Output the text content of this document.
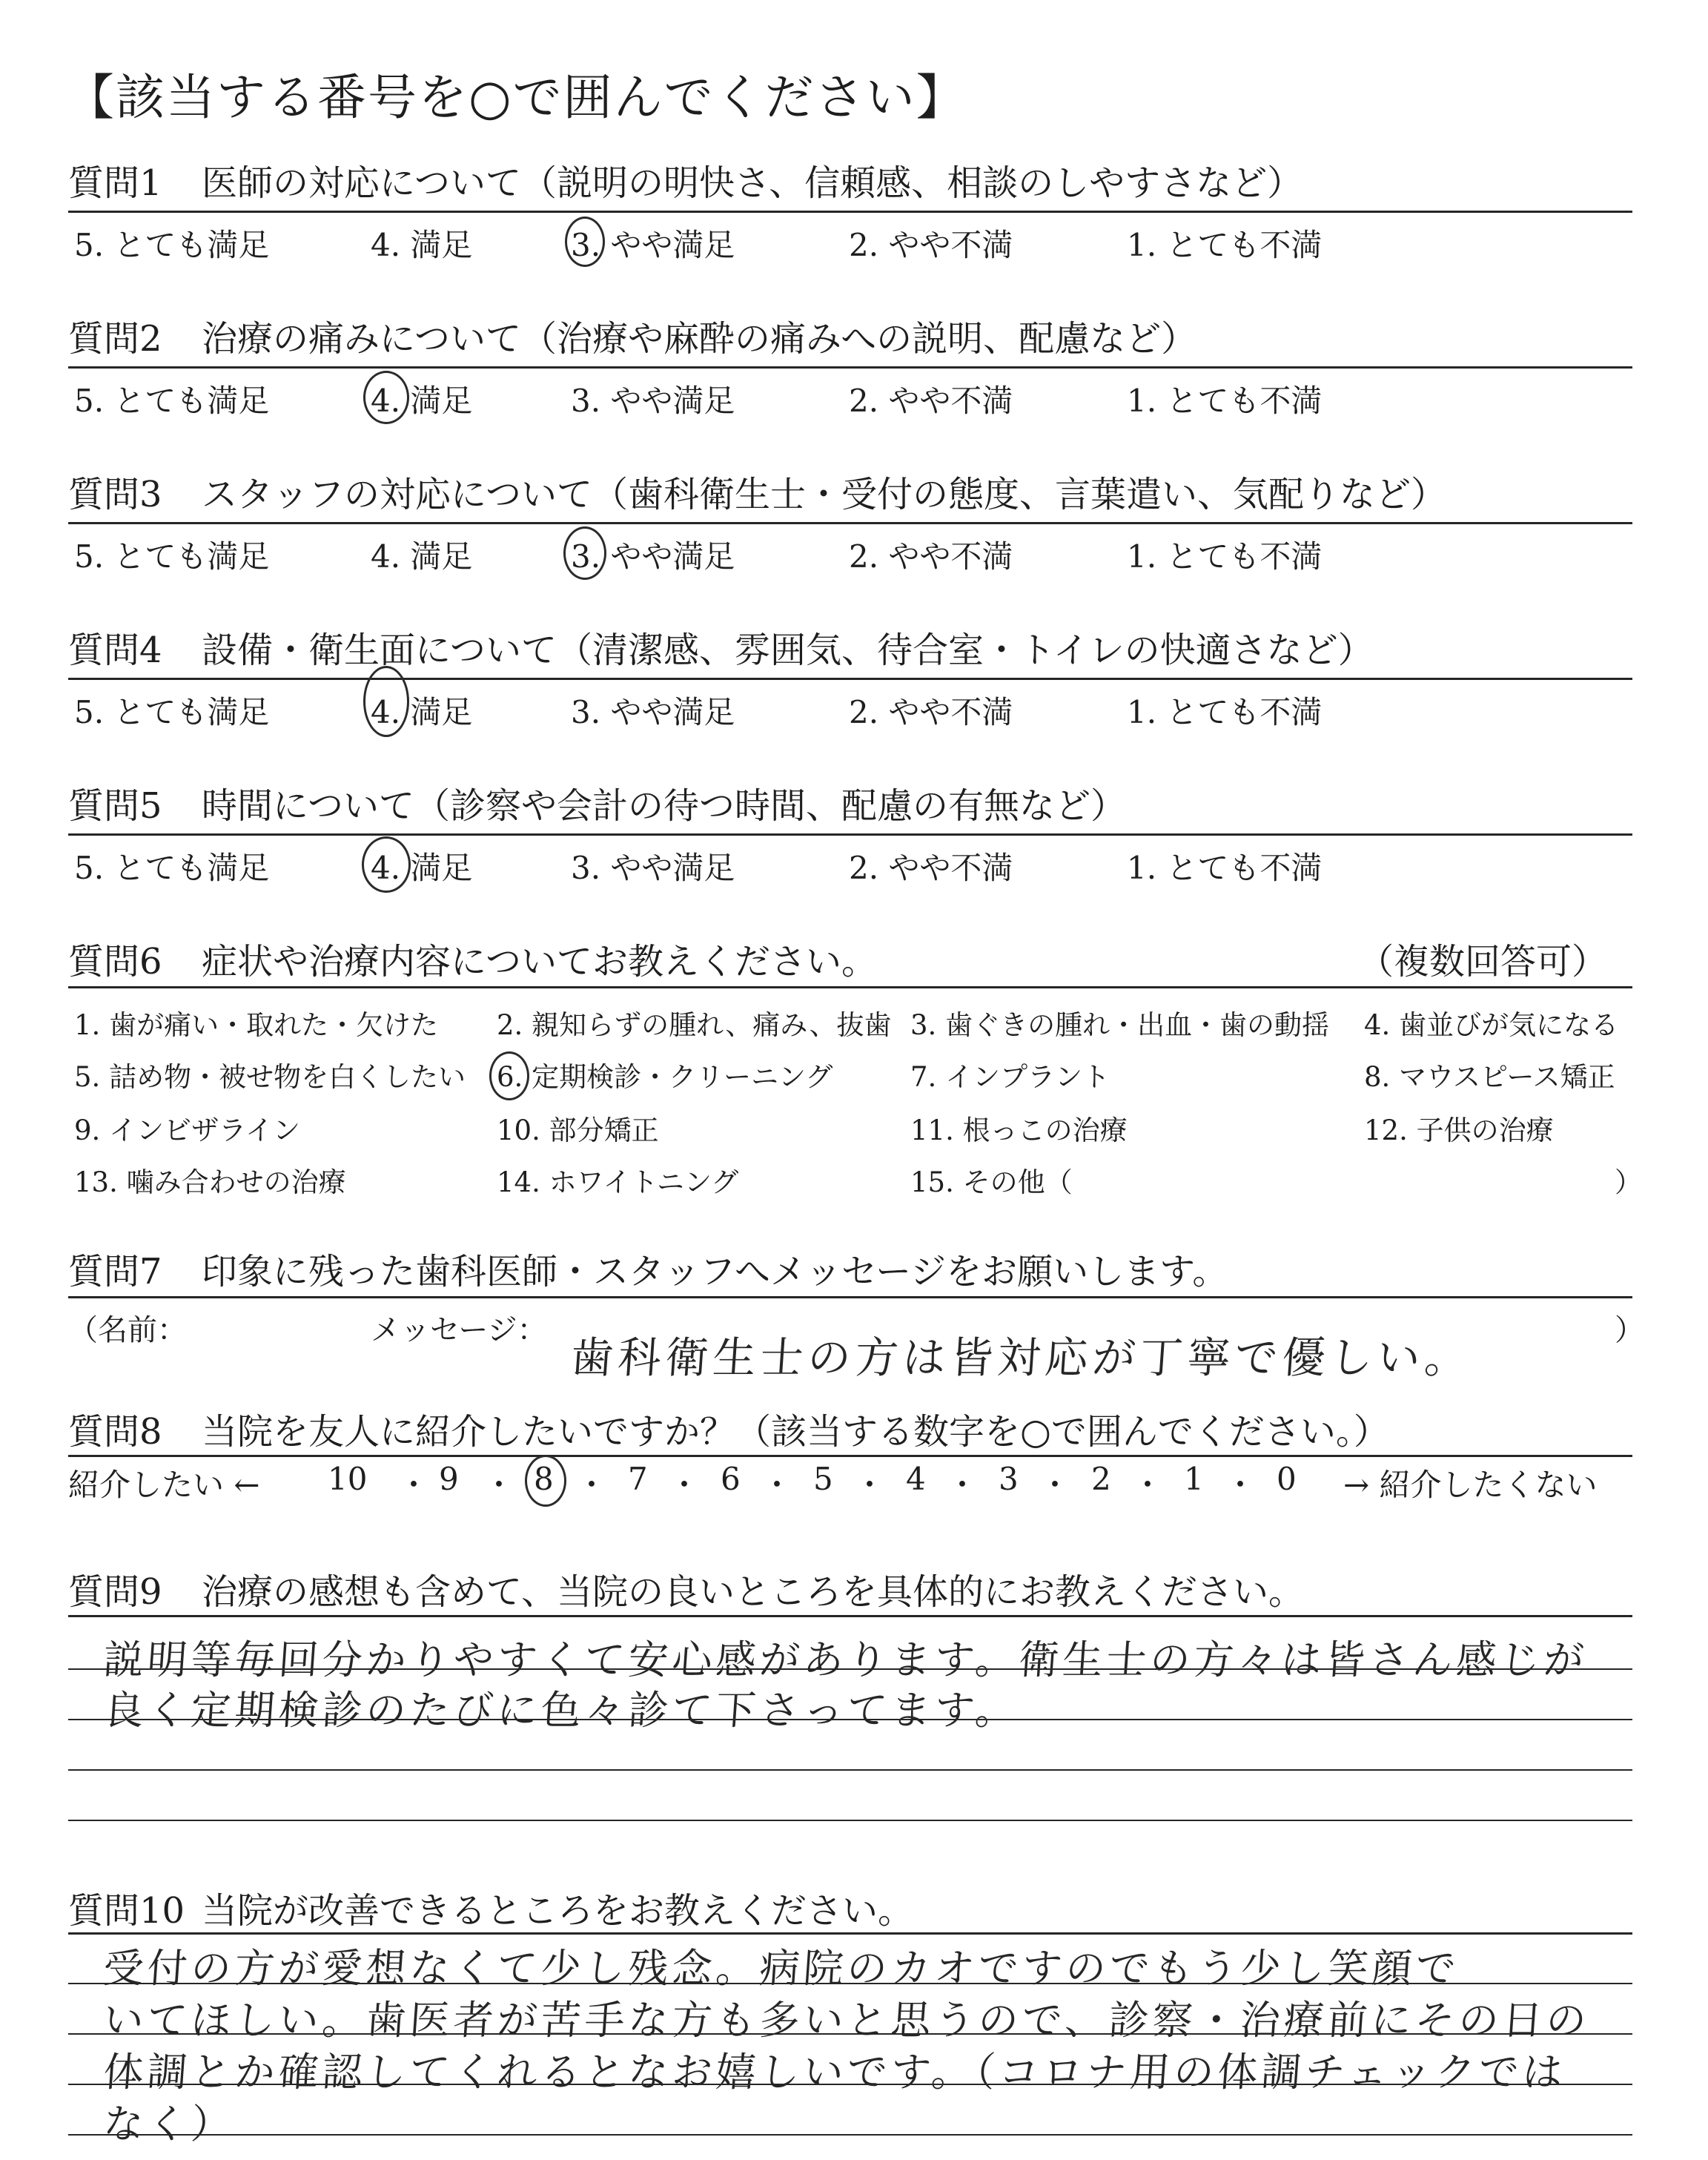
【該当する番号を○で囲んでください】
質問1 医師の対応について（説明の明快さ、信頼感、相談のしやすさなど）
5. とても満足	4. 満足	3. やや満足	2. やや不満	1. とても不満
質問2 治療の痛みについて（治療や麻酔の痛みへの説明、配慮など）
5. とても満足	4. 満足	3. やや満足	2. やや不満	1. とても不満
質問3 スタッフの対応について（歯科衛生士・受付の態度、言葉遣い、気配りなど）
5. とても満足	4. 満足	3. やや満足	2. やや不満	1. とても不満
質問4 設備・衛生面について（清潔感、雰囲気、待合室・トイレの快適さなど）
5. とても満足	4. 満足	3. やや満足	2. やや不満	1. とても不満
質問5 時間について（診察や会計の待つ時間、配慮の有無など）
5. とても満足	4. 満足	3. やや満足	2. やや不満	1. とても不満
質問6 症状や治療内容についてお教えください。	（複数回答可）
1. 歯が痛い・取れた・欠けた 2. 親知らずの腫れ、痛み、抜歯 3. 歯ぐきの腫れ・出血・歯の動揺 4. 歯並びが気になる
5. 詰め物・被せ物を白くしたい 6. 定期検診・クリーニング	7. インプラント	8. マウスピース矯正
9. インビザライン	10. 部分矯正	11. 根っこの治療	12. 子供の治療
13. 噛み合わせの治療	14. ホワイトニング	15. その他（	）
質問7 印象に残った歯科医師・スタッフへメッセージをお願いします。
（名前：	メッセージ：
歯科衛生士の方は皆対応が丁寧で優しい。
）
質問8 当院を友人に紹介したいですか？（該当する数字を○で囲んでください。）
紹介したい ← 10 ・ 9 ・ 8 ・ 7 ・ 6 ・ 5 ・ 4 ・ 3 ・ 2 ・ 1 ・ 0 → 紹介したくない
質問9 治療の感想も含めて、当院の良いところを具体的にお教えください。
説明等毎回分かりやすくて安心感があります。衛生士の方々は皆さん感じが
良く定期検診のたびに色々診て下さってます。
質問10 当院が改善できるところをお教えください。
受付の方が愛想なくて少し残念。病院のカオですのでもう少し笑顔で
いてほしい。歯医者が苦手な方も多いと思うので、診察・治療前にその日の
体調とか確認してくれるとなお嬉しいです。（コロナ用の体調チェックでは
なく）
